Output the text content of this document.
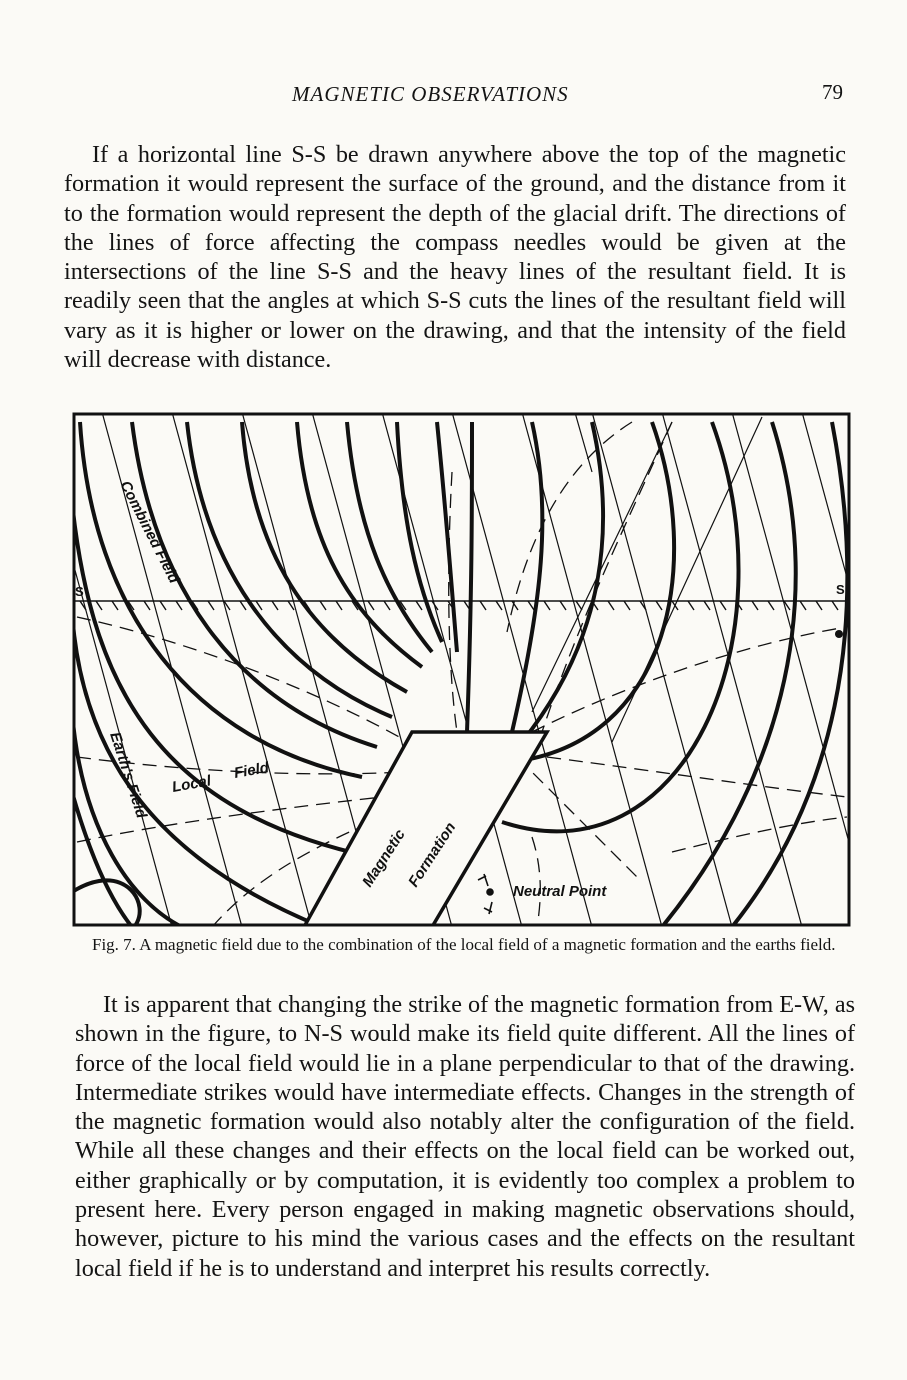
MAGNETIC OBSERVATIONS	79

If a horizontal line S-S be drawn anywhere above the top of the magnetic formation it would represent the surface of the ground, and the distance from it to the formation would represent the depth of the glacial drift. The directions of the lines of force affecting the compass needles would be given at the intersections of the line S-S and the heavy lines of the resultant field. It is readily seen that the angles at which S-S cuts the lines of the resultant field will vary as it is higher or lower on the drawing, and that the intensity of the field will decrease with distance.

Combined Field
Earth's Field Local
Field
Magnetic
Formation
Neutral Point
S	S

Fig. 7. A magnetic field due to the combination of the local field of a magnetic formation and the earths field.

It is apparent that changing the strike of the magnetic formation from E-W, as shown in the figure, to N-S would make its field quite different. All the lines of force of the local field would lie in a plane perpendicular to that of the drawing. Intermediate strikes would have intermediate effects. Changes in the strength of the magnetic formation would also notably alter the configuration of the field. While all these changes and their effects on the local field can be worked out, either graphically or by computation, it is evidently too complex a problem to present here. Every person engaged in making magnetic observations should, however, picture to his mind the various cases and the effects on the resultant local field if he is to understand and interpret his results correctly.
